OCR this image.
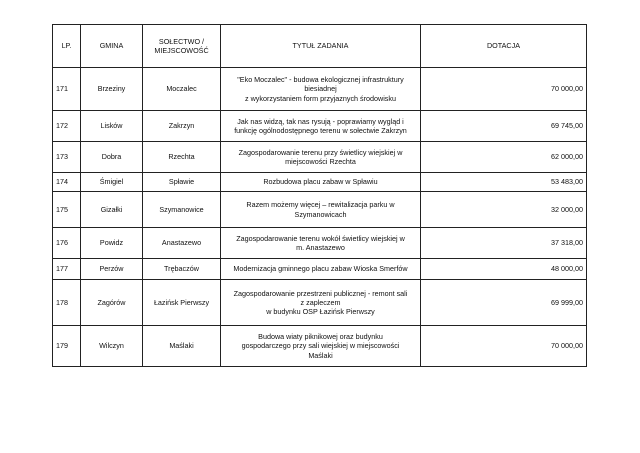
LP.	GMINA	SOŁECTWO /
MIEJSCOWOŚĆ	TYTUŁ ZADANIA	DOTACJA
171	Brzeziny	Moczalec	"Eko Moczalec" - budowa ekologicznej infrastruktury
biesiadnej
z wykorzystaniem form przyjaznych środowisku	70 000,00
172	Lisków	Zakrzyn	Jak nas widzą, tak nas rysują - poprawiamy wygląd i
funkcję ogólnodostępnego terenu w sołectwie Zakrzyn	69 745,00
173	Dobra	Rzechta	Zagospodarowanie terenu przy świetlicy wiejskiej w
miejscowości Rzechta	62 000,00
174	Śmigiel	Spławie	Rozbudowa placu zabaw w Spławiu	53 483,00
175	Gizałki	Szymanowice	Razem możemy więcej – rewitalizacja parku w
Szymanowicach	32 000,00
176	Powidz	Anastazewo	Zagospodarowanie terenu wokół świetlicy wiejskiej w
m. Anastazewo	37 318,00
177	Perzów	Trębaczów	Modernizacja gminnego placu zabaw Wioska Smerfów	48 000,00
178	Zagórów	Łazińsk Pierwszy	Zagospodarowanie przestrzeni publicznej - remont sali
z zapleczem
w budynku OSP Łazińsk Pierwszy	69 999,00
179	Wilczyn	Maślaki	Budowa wiaty piknikowej oraz budynku
gospodarczego przy sali wiejskiej w miejscowości
Maślaki	70 000,00
